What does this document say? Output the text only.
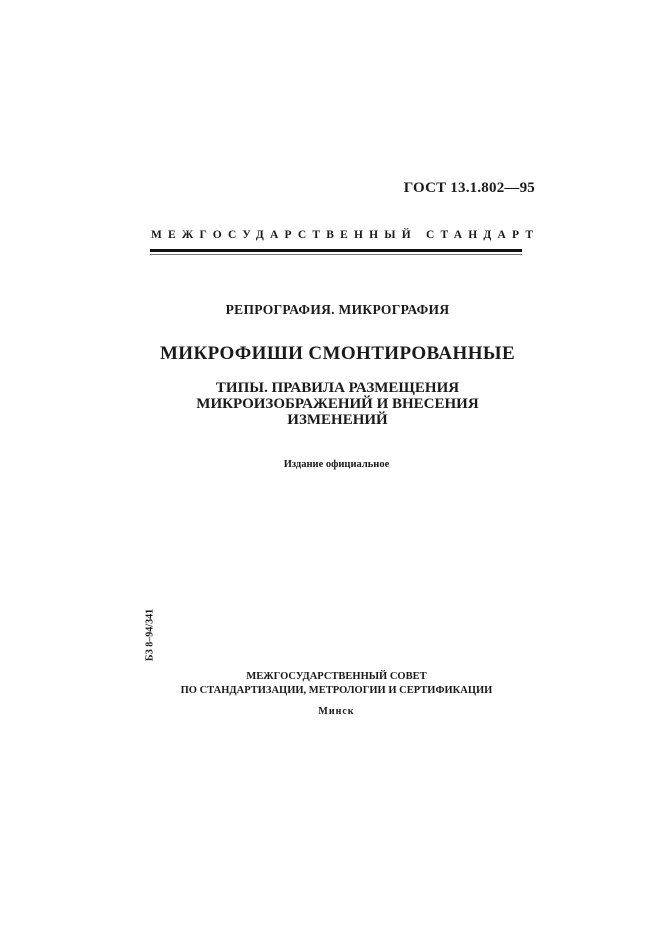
ГОСТ 13.1.802—95
МЕЖГОСУДАРСТВЕННЫЙ СТАНДАРТ
РЕПРОГРАФИЯ. МИКРОГРАФИЯ
МИКРОФИШИ СМОНТИРОВАННЫЕ
ТИПЫ. ПРАВИЛА РАЗМЕЩЕНИЯ
МИКРОИЗОБРАЖЕНИЙ И ВНЕСЕНИЯ
ИЗМЕНЕНИЙ
Издание официальное
БЗ 8–94/341
МЕЖГОСУДАРСТВЕННЫЙ СОВЕТ
ПО СТАНДАРТИЗАЦИИ, МЕТРОЛОГИИ И СЕРТИФИКАЦИИ
Минск
